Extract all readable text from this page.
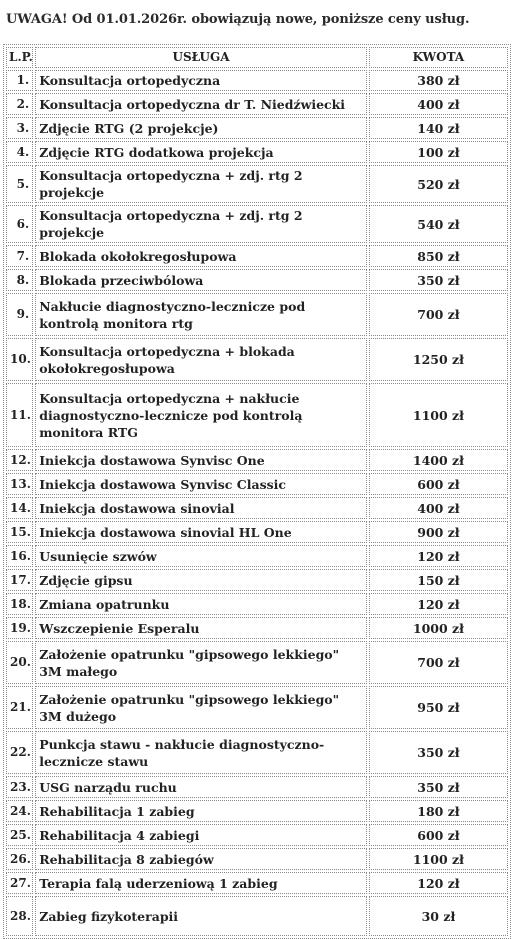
UWAGA! Od 01.01.2026r. obowiązują nowe, poniższe ceny usług.
L.P.	USŁUGA	KWOTA
1.	Konsultacja ortopedyczna	380 zł
2.	Konsultacja ortopedyczna dr T. Niedźwiecki	400 zł
3.	Zdjęcie RTG (2 projekcje)	140 zł
4.	Zdjęcie RTG dodatkowa projekcja	100 zł
5.	Konsultacja ortopedyczna + zdj. rtg 2 projekcje	520 zł
6.	Konsultacja ortopedyczna + zdj. rtg 2 projekcje	540 zł
7.	Blokada okołokregosłupowa	850 zł
8.	Blokada przeciwbólowa	350 zł
9.	Nakłucie diagnostyczno-lecznicze pod kontrolą monitora rtg	700 zł
10.	Konsultacja ortopedyczna + blokada okołokregosłupowa	1250 zł
11.	Konsultacja ortopedyczna + nakłucie diagnostyczno-lecznicze pod kontrolą monitora RTG	1100 zł
12.	Iniekcja dostawowa Synvisc One	1400 zł
13.	Iniekcja dostawowa Synvisc Classic	600 zł
14.	Iniekcja dostawowa sinovial	400 zł
15.	Iniekcja dostawowa sinovial HL One	900 zł
16.	Usunięcie szwów	120 zł
17.	Zdjęcie gipsu	150 zł
18.	Zmiana opatrunku	120 zł
19.	Wszczepienie Esperalu	1000 zł
20.	Założenie opatrunku "gipsowego lekkiego" 3M małego	700 zł
21.	Założenie opatrunku "gipsowego lekkiego" 3M dużego	950 zł
22.	Punkcja stawu - nakłucie diagnostyczno-lecznicze stawu	350 zł
23.	USG narządu ruchu	350 zł
24.	Rehabilitacja 1 zabieg	180 zł
25.	Rehabilitacja 4 zabiegi	600 zł
26.	Rehabilitacja 8 zabiegów	1100 zł
27.	Terapia falą uderzeniową 1 zabieg	120 zł
28.	Zabieg fizykoterapii	30 zł
